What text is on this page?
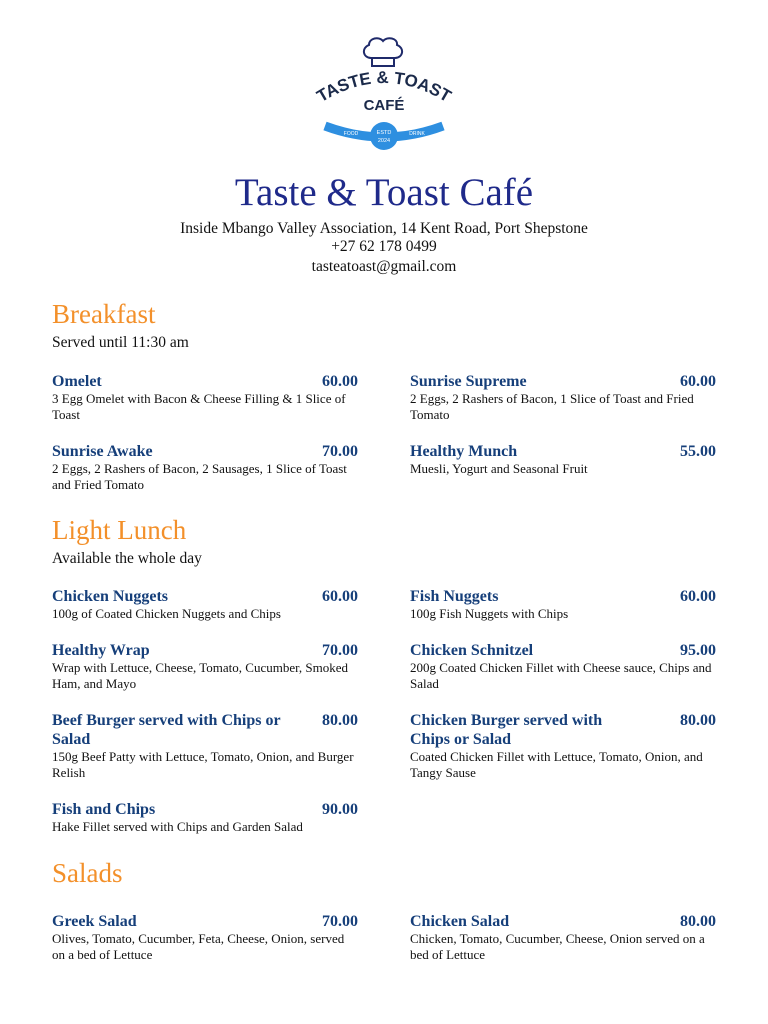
TASTE & TOAST
CAFÉ
FOOD	DRINK
ESTD
2024
Taste & Toast Café
Inside Mbango Valley Association, 14 Kent Road, Port Shepstone
+27 62 178 0499
tasteatoast@gmail.com
Breakfast
Served until 11:30 am
Omelet	60.00
3 Egg Omelet with Bacon & Cheese Filling & 1 Slice of Toast
Sunrise Supreme	60.00
2 Eggs, 2 Rashers of Bacon, 1 Slice of Toast and Fried Tomato
Sunrise Awake	70.00
2 Eggs, 2 Rashers of Bacon, 2 Sausages, 1 Slice of Toast and Fried Tomato
Healthy Munch	55.00
Muesli, Yogurt and Seasonal Fruit
Light Lunch
Available the whole day
Chicken Nuggets	60.00
100g of Coated Chicken Nuggets and Chips
Fish Nuggets	60.00
100g Fish Nuggets with Chips
Healthy Wrap	70.00
Wrap with Lettuce, Cheese, Tomato, Cucumber, Smoked Ham, and Mayo
Chicken Schnitzel	95.00
200g Coated Chicken Fillet with Cheese sauce, Chips and Salad
Beef Burger served with Chips or Salad
80.00
150g Beef Patty with Lettuce, Tomato, Onion, and Burger Relish
Chicken Burger served with Chips or Salad
80.00
Coated Chicken Fillet with Lettuce, Tomato, Onion, and Tangy Sause
Fish and Chips	90.00
Hake Fillet served with Chips and Garden Salad
Salads
Greek Salad	70.00
Olives, Tomato, Cucumber, Feta, Cheese, Onion, served on a bed of Lettuce
Chicken Salad	80.00
Chicken, Tomato, Cucumber, Cheese, Onion served on a bed of Lettuce
